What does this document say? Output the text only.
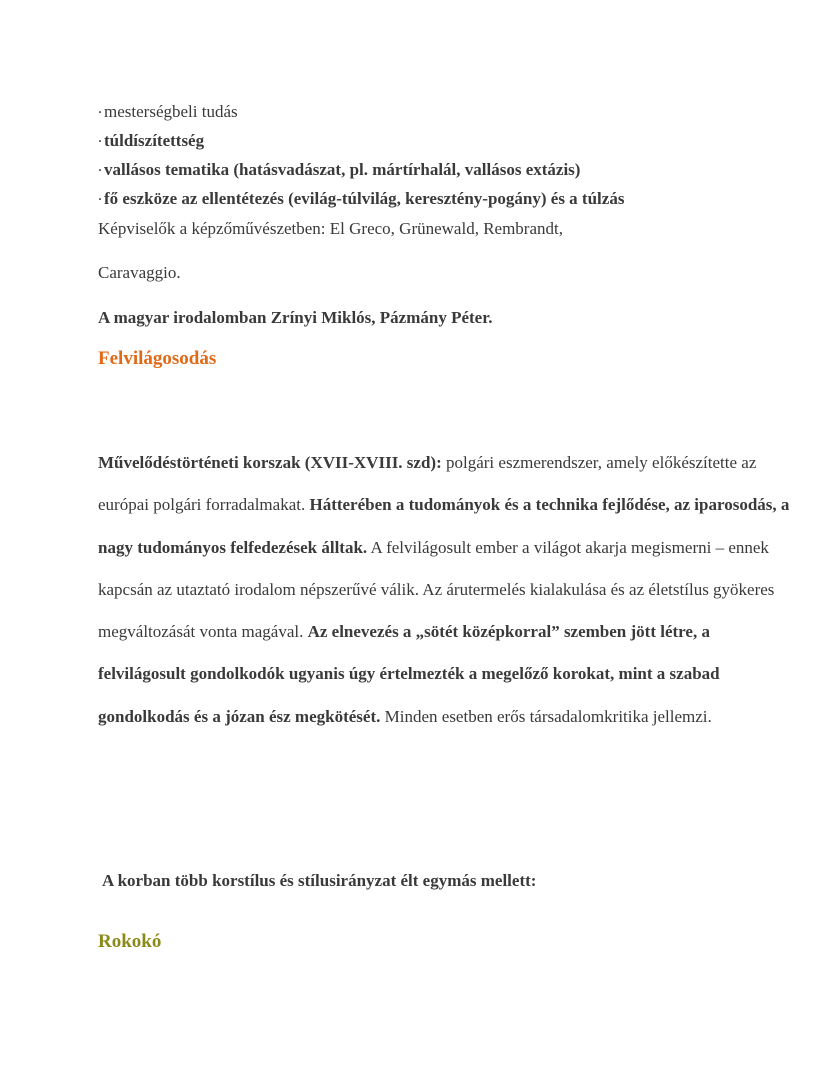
· mesterségbeli tudás
· túldíszítettség
· vallásos tematika (hatásvadászat, pl. mártírhalál, vallásos extázis)
· fő eszköze az ellentétezés (evilág-túlvilág, keresztény-pogány) és a túlzás
Képviselők a képzőművészetben: El Greco, Grünewald, Rembrandt,
Caravaggio.
A magyar irodalomban Zrínyi Miklós, Pázmány Péter.
Felvilágosodás
Művelődéstörténeti korszak (XVII-XVIII. szd): polgári eszmerendszer, amely előkészítette az európai polgári forradalmakat. Hátterében a tudományok és a technika fejlődése, az iparosodás, a nagy tudományos felfedezések álltak. A felvilágosult ember a világot akarja megismerni – ennek kapcsán az utaztató irodalom népszerűvé válik. Az árutermelés kialakulása és az életstílus gyökeres megváltozását vonta magával. Az elnevezés a „sötét középkorral” szemben jött létre, a felvilágosult gondolkodók ugyanis úgy értelmezték a megelőző korokat, mint a szabad gondolkodás és a józan ész megkötését. Minden esetben erős társadalomkritika jellemzi.
A korban több korstílus és stílusirányzat élt egymás mellett:
Rokokó
